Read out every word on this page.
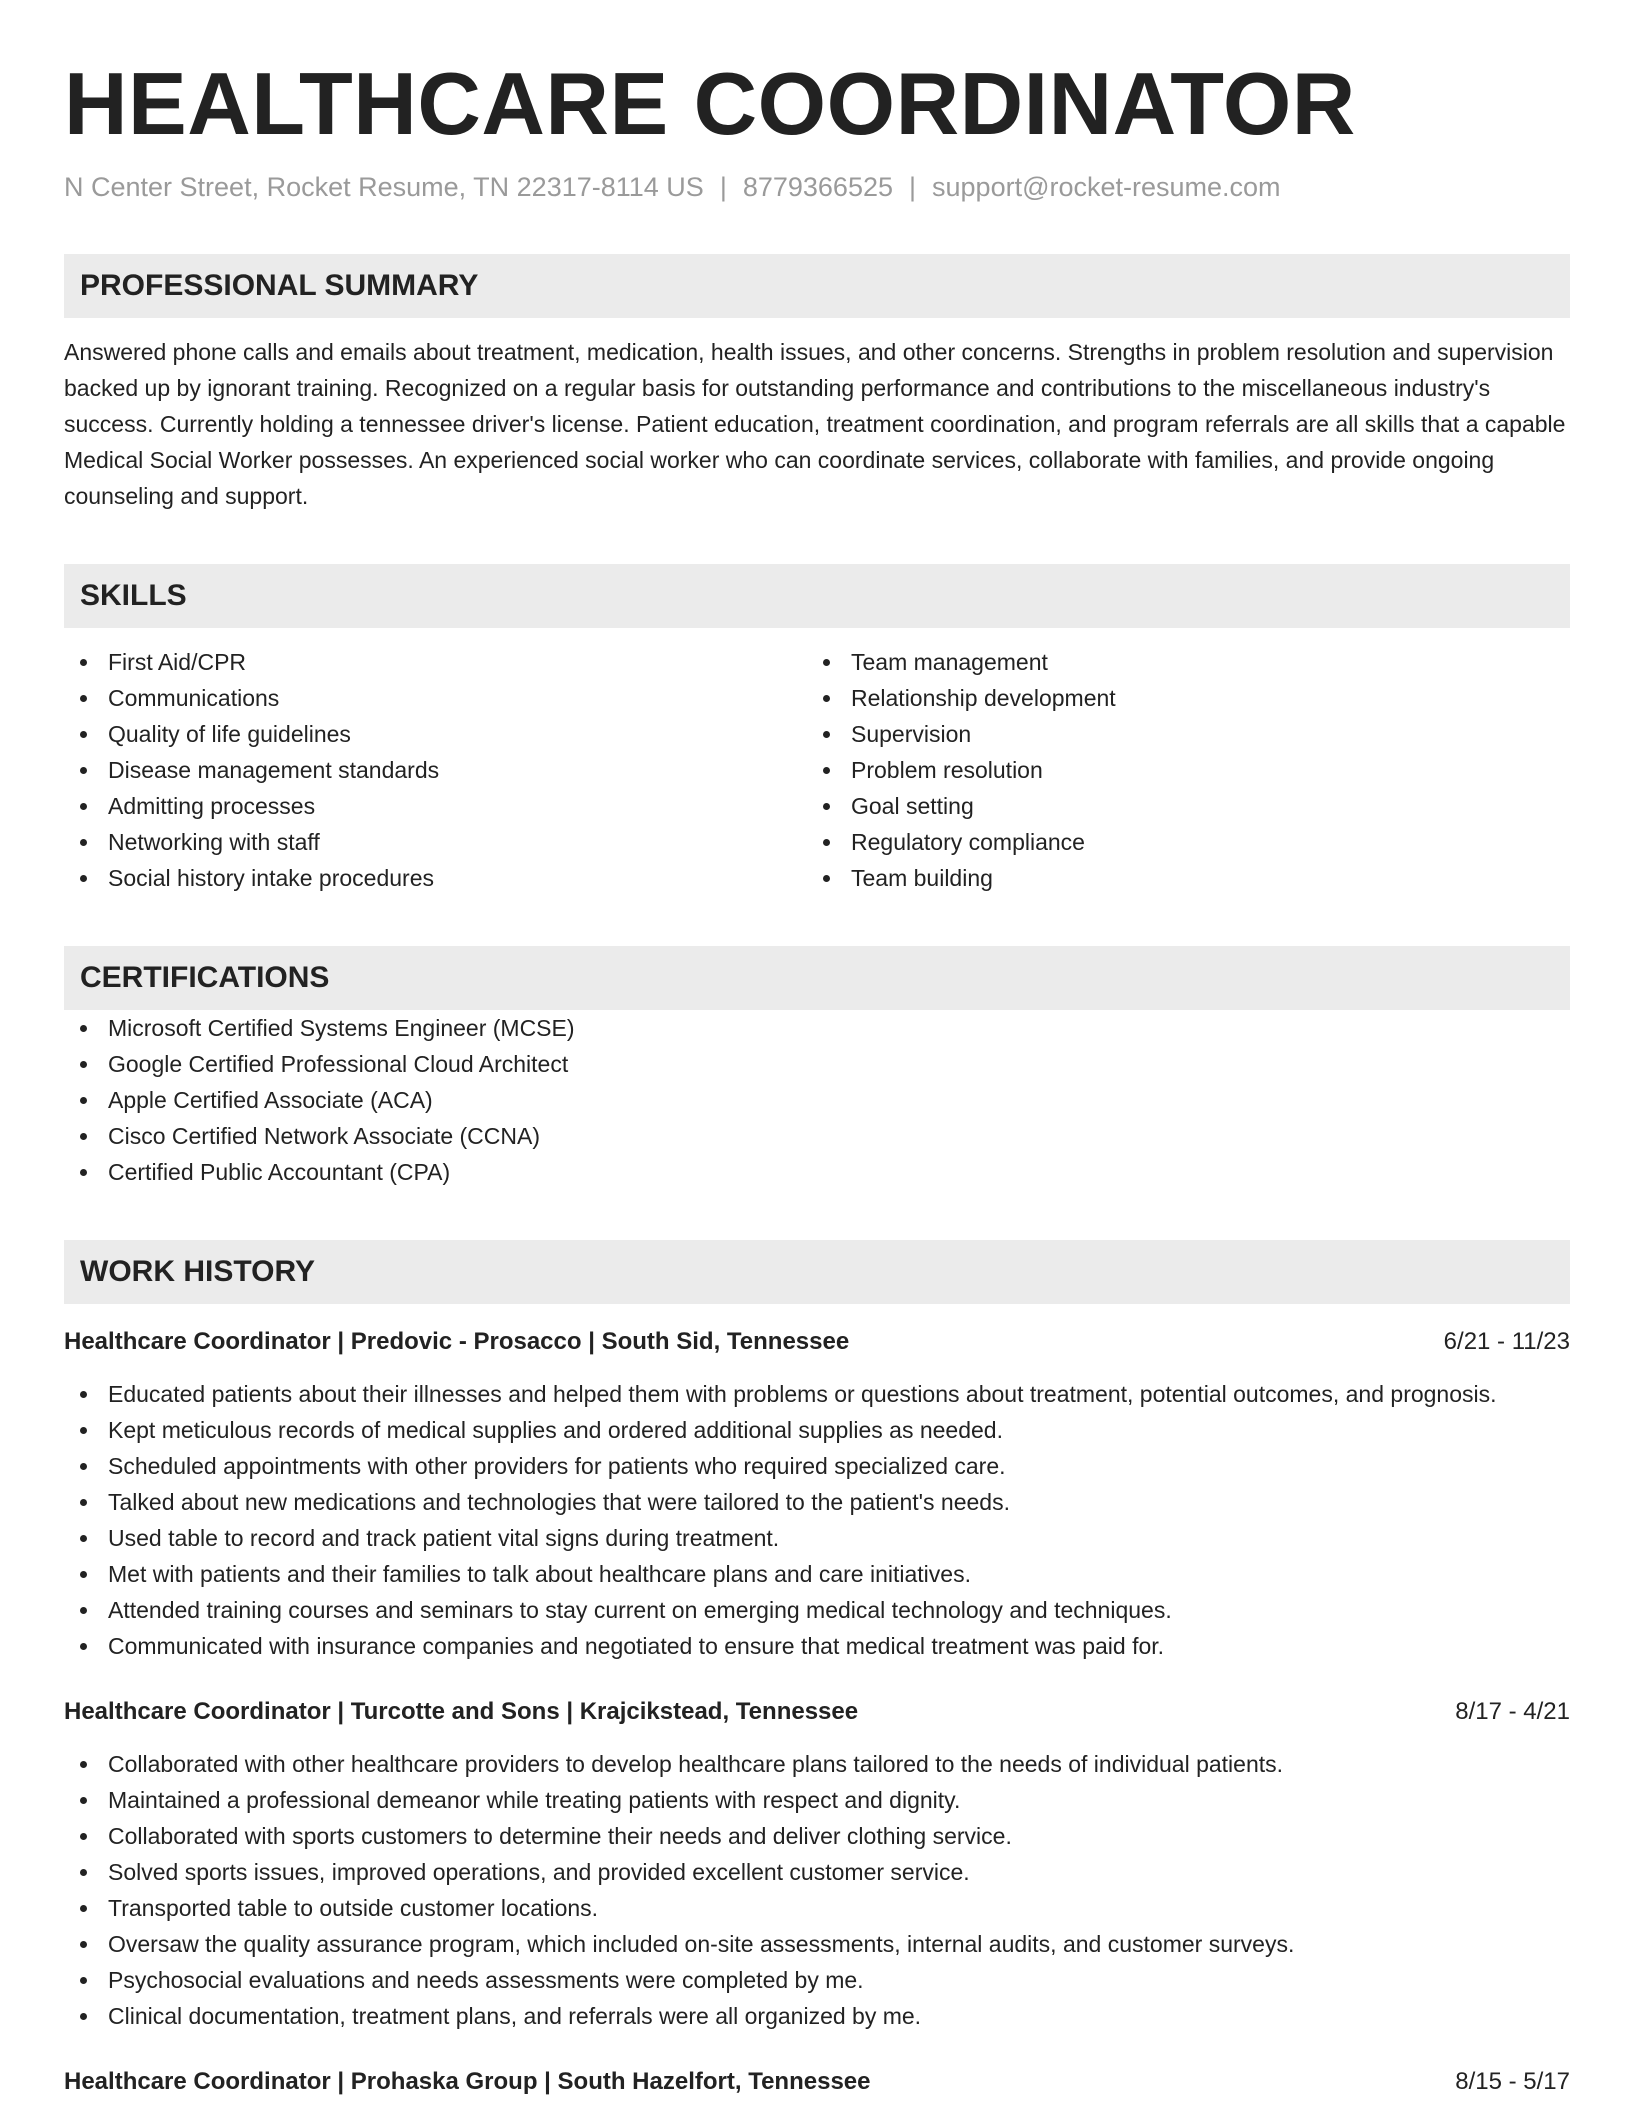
HEALTHCARE COORDINATOR
N Center Street, Rocket Resume, TN 22317-8114 US | 8779366525 | support@rocket-resume.com
PROFESSIONAL SUMMARY

Answered phone calls and emails about treatment, medication, health issues, and other concerns. Strengths in problem resolution and supervision backed up by ignorant training. Recognized on a regular basis for outstanding performance and contributions to the miscellaneous industry's success. Currently holding a tennessee driver's license. Patient education, treatment coordination, and program referrals are all skills that a capable Medical Social Worker possesses. An experienced social worker who can coordinate services, collaborate with families, and provide ongoing counseling and support.

SKILLS
First Aid/CPR
Communications
Quality of life guidelines
Disease management standards
Admitting processes
Networking with staff
Social history intake procedures
Team management
Relationship development
Supervision
Problem resolution
Goal setting
Regulatory compliance
Team building
CERTIFICATIONS
Microsoft Certified Systems Engineer (MCSE)
Google Certified Professional Cloud Architect
Apple Certified Associate (ACA)
Cisco Certified Network Associate (CCNA)
Certified Public Accountant (CPA)
WORK HISTORY
Healthcare Coordinator | Predovic - Prosacco | South Sid, Tennessee	6/21 - 11/23
Educated patients about their illnesses and helped them with problems or questions about treatment, potential outcomes, and prognosis.
Kept meticulous records of medical supplies and ordered additional supplies as needed.
Scheduled appointments with other providers for patients who required specialized care.
Talked about new medications and technologies that were tailored to the patient's needs.
Used table to record and track patient vital signs during treatment.
Met with patients and their families to talk about healthcare plans and care initiatives.
Attended training courses and seminars to stay current on emerging medical technology and techniques.
Communicated with insurance companies and negotiated to ensure that medical treatment was paid for.
Healthcare Coordinator | Turcotte and Sons | Krajcikstead, Tennessee	8/17 - 4/21
Collaborated with other healthcare providers to develop healthcare plans tailored to the needs of individual patients.
Maintained a professional demeanor while treating patients with respect and dignity.
Collaborated with sports customers to determine their needs and deliver clothing service.
Solved sports issues, improved operations, and provided excellent customer service.
Transported table to outside customer locations.
Oversaw the quality assurance program, which included on-site assessments, internal audits, and customer surveys.
Psychosocial evaluations and needs assessments were completed by me.
Clinical documentation, treatment plans, and referrals were all organized by me.
Healthcare Coordinator | Prohaska Group | South Hazelfort, Tennessee	8/15 - 5/17
